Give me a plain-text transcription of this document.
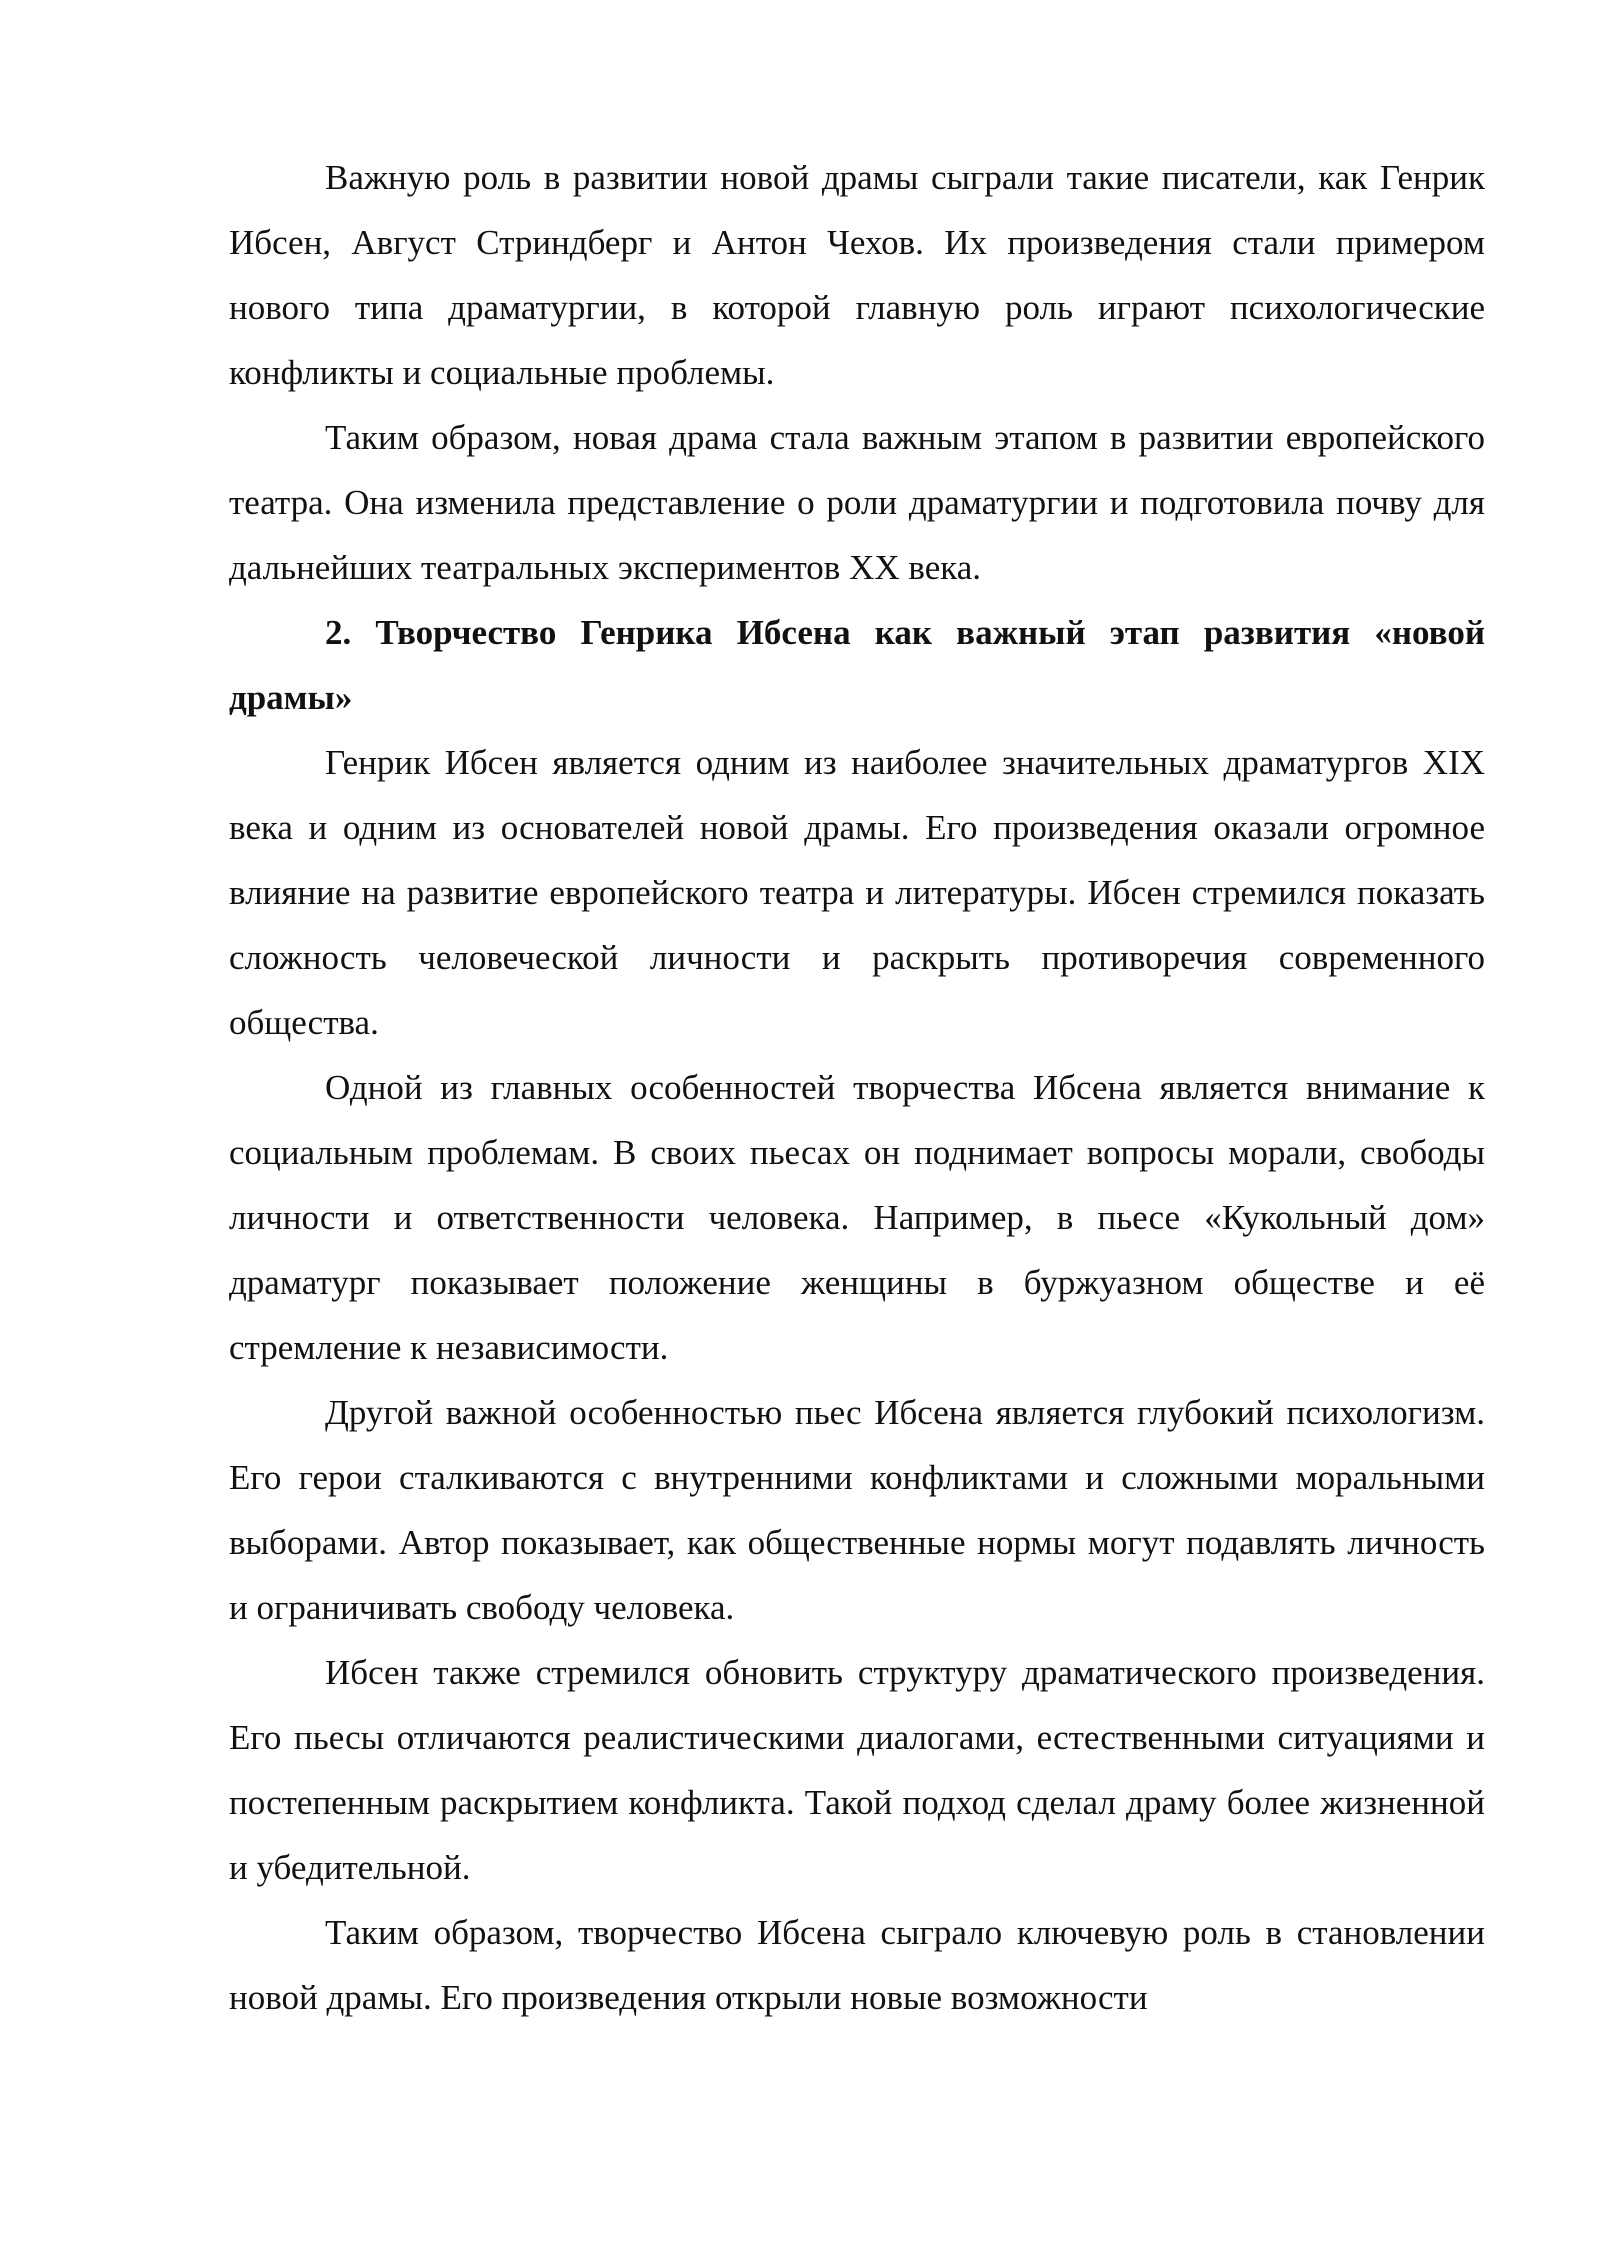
Важную роль в развитии новой драмы сыграли такие писатели, как Генрик Ибсен, Август Стриндберг и Антон Чехов. Их произведения стали примером нового типа драматургии, в которой главную роль играют психологические конфликты и социальные проблемы.

Таким образом, новая драма стала важным этапом в развитии европейского театра. Она изменила представление о роли драматургии и подготовила почву для дальнейших театральных экспериментов XX века.

2. Творчество Генрика Ибсена как важный этап развития «новой драмы»

Генрик Ибсен является одним из наиболее значительных драматургов XIX века и одним из основателей новой драмы. Его произведения оказали огромное влияние на развитие европейского театра и литературы. Ибсен стремился показать сложность человеческой личности и раскрыть противоречия современного общества.

Одной из главных особенностей творчества Ибсена является внимание к социальным проблемам. В своих пьесах он поднимает вопросы морали, свободы личности и ответственности человека. Например, в пьесе «Кукольный дом» драматург показывает положение женщины в буржуазном обществе и её стремление к независимости.

Другой важной особенностью пьес Ибсена является глубокий психологизм. Его герои сталкиваются с внутренними конфликтами и сложными моральными выборами. Автор показывает, как общественные нормы могут подавлять личность и ограничивать свободу человека.

Ибсен также стремился обновить структуру драматического произведения. Его пьесы отличаются реалистическими диалогами, естественными ситуациями и постепенным раскрытием конфликта. Такой подход сделал драму более жизненной и убедительной.

Таким образом, творчество Ибсена сыграло ключевую роль в становлении новой драмы. Его произведения открыли новые возможности
